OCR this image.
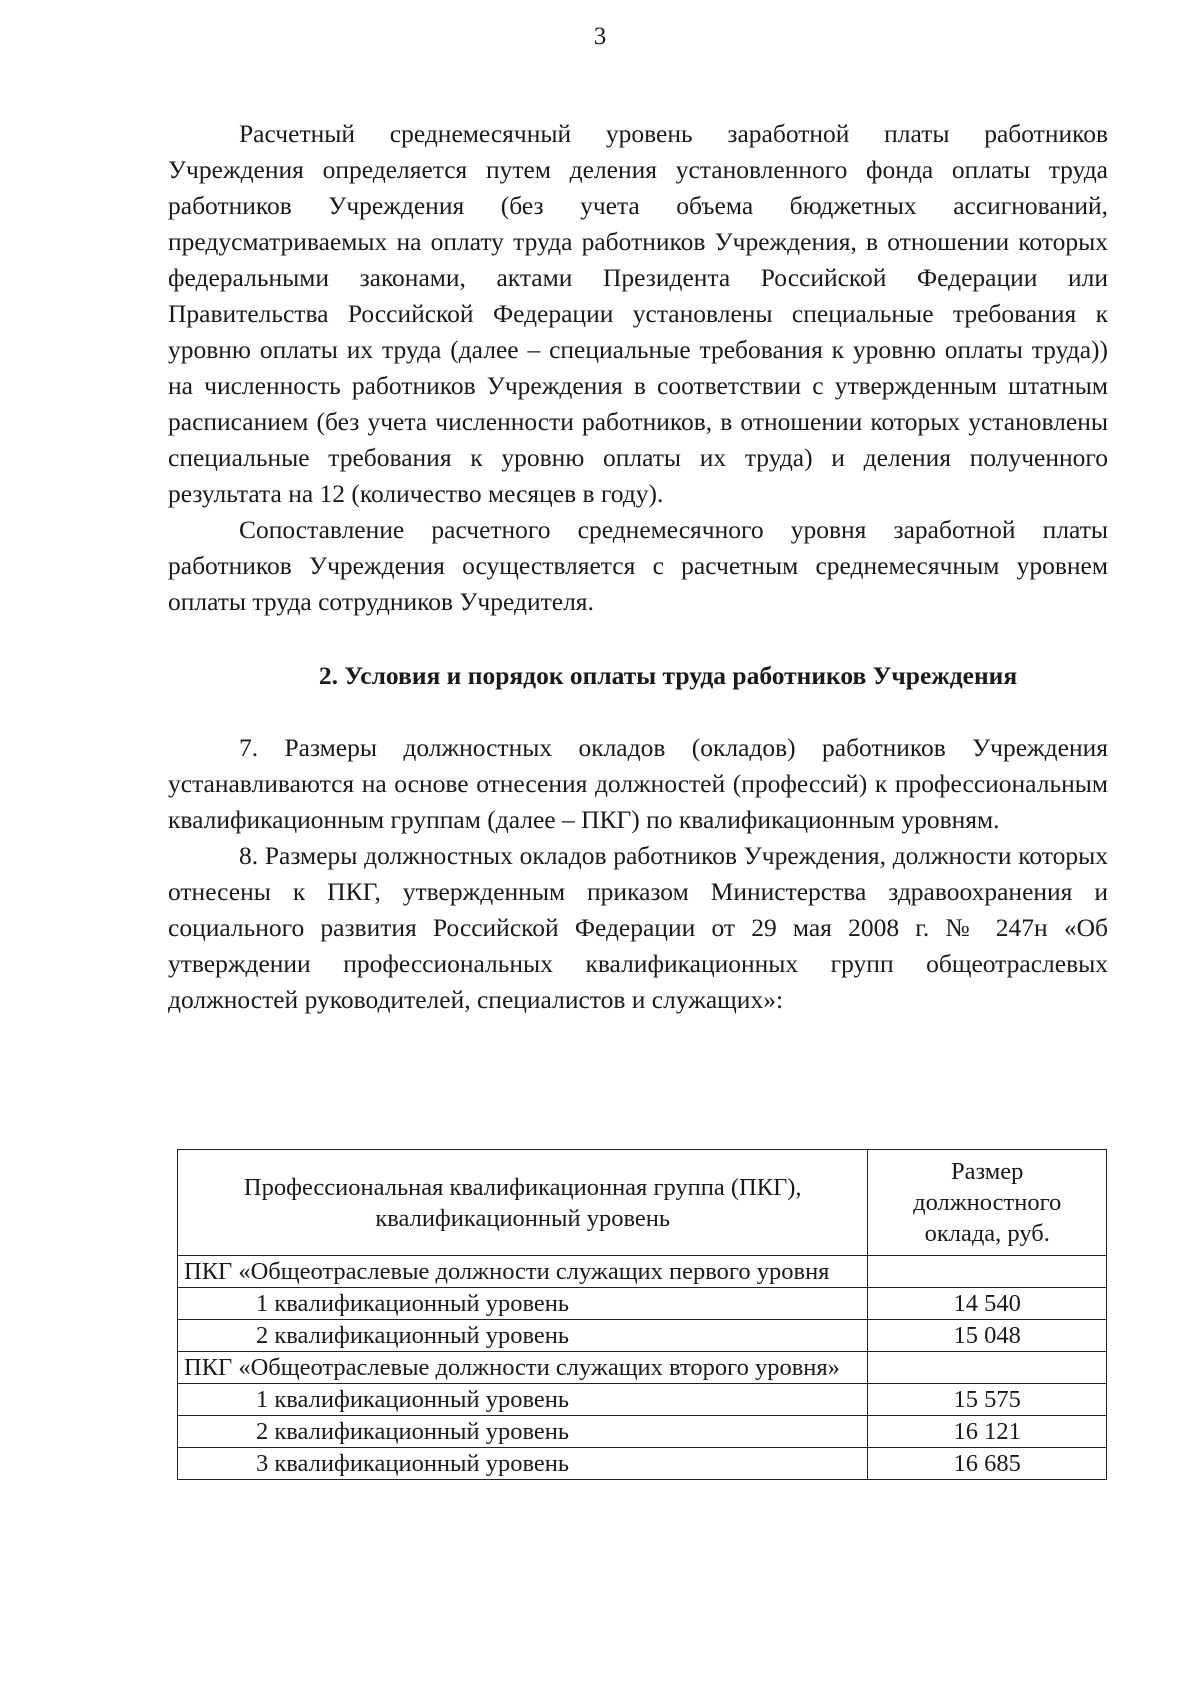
3

Расчетный среднемесячный уровень заработной платы работников Учреждения определяется путем деления установленного фонда оплаты труда работников Учреждения (без учета объема бюджетных ассигнований, предусматриваемых на оплату труда работников Учреждения, в отношении которых федеральными законами, актами Президента Российской Федерации или Правительства Российской Федерации установлены специальные требования к уровню оплаты их труда (далее – специальные требования к уровню оплаты труда)) на численность работников Учреждения в соответствии с утвержденным штатным расписанием (без учета численности работников, в отношении которых установлены специальные требования к уровню оплаты их труда) и деления полученного результата на 12 (количество месяцев в году).

Сопоставление расчетного среднемесячного уровня заработной платы работников Учреждения осуществляется с расчетным среднемесячным уровнем оплаты труда сотрудников Учредителя.

2. Условия и порядок оплаты труда работников Учреждения

7. Размеры должностных окладов (окладов) работников Учреждения устанавливаются на основе отнесения должностей (профессий) к профессиональным квалификационным группам (далее – ПКГ) по квалификационным уровням.

8. Размеры должностных окладов работников Учреждения, должности которых отнесены к ПКГ, утвержденным приказом Министерства здравоохранения и социального развития Российской Федерации от 29 мая 2008 г. № 247н «Об утверждении профессиональных квалификационных групп общеотраслевых должностей руководителей, специалистов и служащих»:

Профессиональная квалификационная группа (ПКГ), квалификационный уровень	Размер должностного оклада, руб.
ПКГ «Общеотраслевые должности служащих первого уровня	
1 квалификационный уровень	14 540
2 квалификационный уровень	15 048
ПКГ «Общеотраслевые должности служащих второго уровня»	
1 квалификационный уровень	15 575
2 квалификационный уровень	16 121
3 квалификационный уровень	16 685
